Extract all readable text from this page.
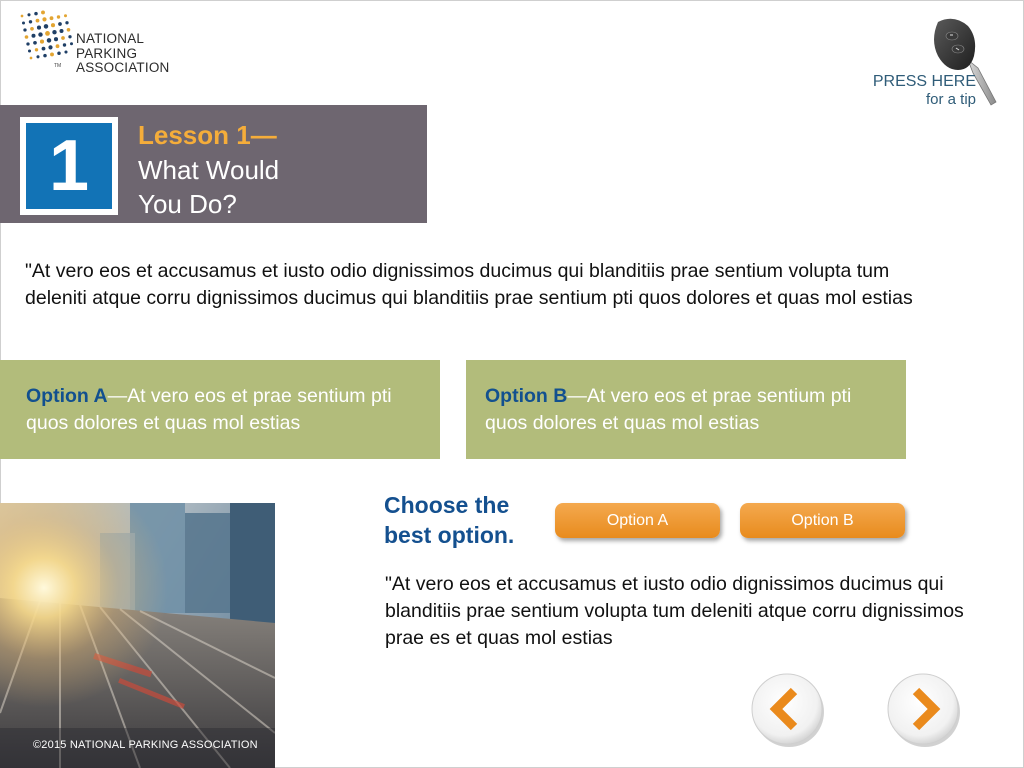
NATIONAL
PARKING
ASSOCIATION
TM
PRESS HERE
for a tip
1	Lesson 1—
What Would You Do?
"At vero eos et accusamus et iusto odio dignissimos ducimus qui blanditiis prae sentium volupta tum deleniti atque corru dignissimos ducimus qui blanditiis prae sentium pti quos dolores et quas mol estias
Option A—At vero eos et prae sentium pti quos dolores et quas mol estias
Option B—At vero eos et prae sentium pti quos dolores et quas mol estias
©2015 NATIONAL PARKING ASSOCIATION
Choose the best option.
Option A	Option B
"At vero eos et accusamus et iusto odio dignissimos ducimus qui blanditiis prae sentium volupta tum deleniti atque corru dignissimos prae es et quas mol estias
